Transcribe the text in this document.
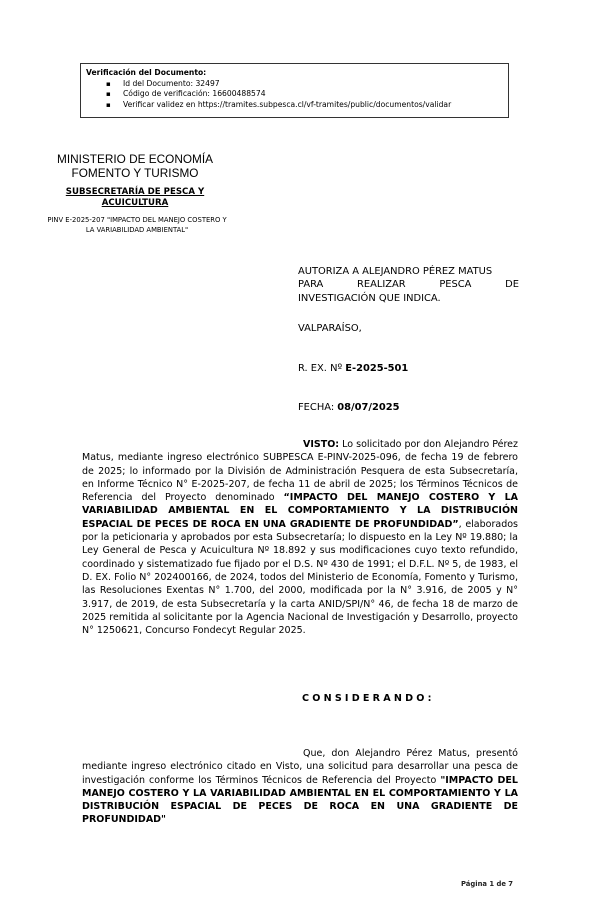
Verificación del Documento:
▪ Id del Documento: 32497
▪ Código de verificación: 16600488574
▪ Verificar validez en https://tramites.subpesca.cl/vf-tramites/public/documentos/validar
MINISTERIO DE ECONOMÍA
FOMENTO Y TURISMO
SUBSECRETARÍA DE PESCA Y
ACUICULTURA
PINV E-2025-207 "IMPACTO DEL MANEJO COSTERO Y
LA VARIABILIDAD AMBIENTAL"
AUTORIZA A ALEJANDRO PÉREZ MATUS
PARA	REALIZAR	PESCA	DE
INVESTIGACIÓN QUE INDICA.
VALPARAÍSO,
R. EX. Nº E-2025-501
FECHA: 08/07/2025
VISTO: Lo solicitado por don Alejandro Pérez Matus, mediante ingreso electrónico SUBPESCA E-PINV-2025-096, de fecha 19 de febrero de 2025; lo informado por la División de Administración Pesquera de esta Subsecretaría, en Informe Técnico N° E-2025-207, de fecha 11 de abril de 2025; los Términos Técnicos de Referencia del Proyecto denominado “IMPACTO DEL MANEJO COSTERO Y LA VARIABILIDAD AMBIENTAL EN EL COMPORTAMIENTO Y LA DISTRIBUCIÓN ESPACIAL DE PECES DE ROCA EN UNA GRADIENTE DE PROFUNDIDAD”, elaborados por la peticionaria y aprobados por esta Subsecretaría; lo dispuesto en la Ley Nº 19.880; la Ley General de Pesca y Acuicultura Nº 18.892 y sus modificaciones cuyo texto refundido, coordinado y sistematizado fue fijado por el D.S. Nº 430 de 1991; el D.F.L. Nº 5, de 1983, el D. EX. Folio N° 202400166, de 2024, todos del Ministerio de Economía, Fomento y Turismo, las Resoluciones Exentas N° 1.700, del 2000, modificada por la N° 3.916, de 2005 y N° 3.917, de 2019, de esta Subsecretaría y la carta ANID/SPI/N° 46, de fecha 18 de marzo de 2025 remitida al solicitante por la Agencia Nacional de Investigación y Desarrollo, proyecto N° 1250621, Concurso Fondecyt Regular 2025.
CONSIDERANDO:
Que, don Alejandro Pérez Matus, presentó mediante ingreso electrónico citado en Visto, una solicitud para desarrollar una pesca de investigación conforme los Términos Técnicos de Referencia del Proyecto "IMPACTO DEL MANEJO COSTERO Y LA VARIABILIDAD AMBIENTAL EN EL COMPORTAMIENTO Y LA DISTRIBUCIÓN ESPACIAL DE PECES DE ROCA EN UNA GRADIENTE DE PROFUNDIDAD"
Página 1 de 7
